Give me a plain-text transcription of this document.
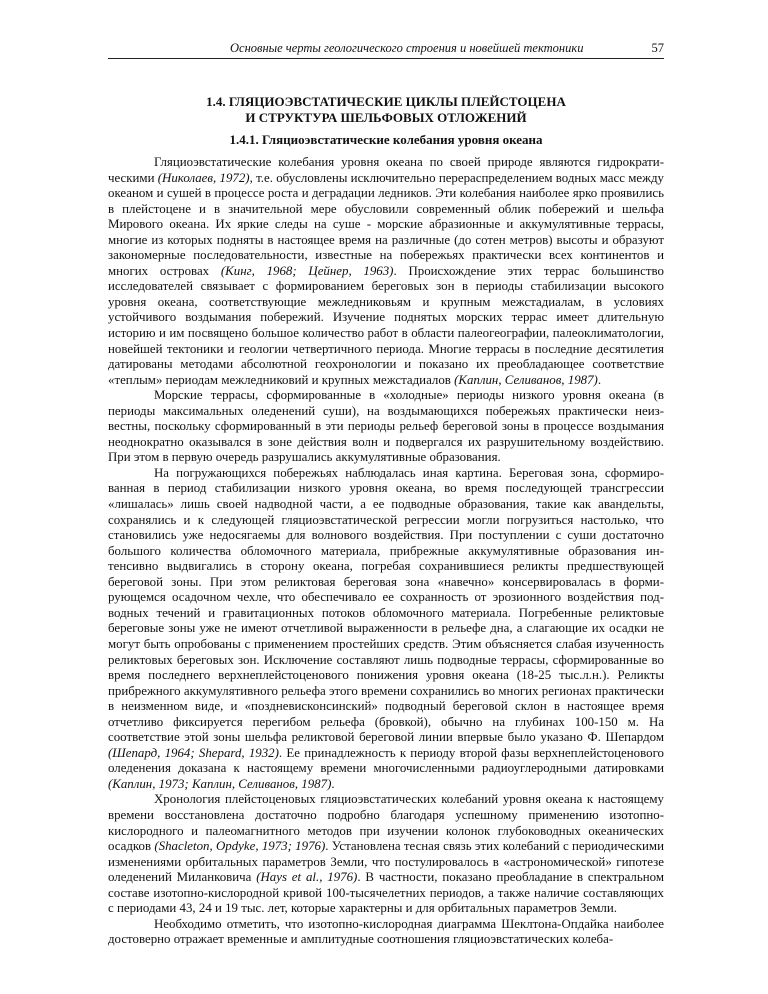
Основные черты геологического строения и новейшей тектоники	57
1.4. ГЛЯЦИОЭВСТАТИЧЕСКИЕ ЦИКЛЫ ПЛЕЙСТОЦЕНА
И СТРУКТУРА ШЕЛЬФОВЫХ ОТЛОЖЕНИЙ
1.4.1. Гляциоэвстатические колебания уровня океана

Гляциоэвстатические колебания уровня океана по своей природе являются гидрократическими (Николаев, 1972), т.е. обусловлены исключительно перераспределением водных масс между океаном и сушей в процессе роста и деградации ледников. Эти колебания наиболее ярко проявились в плейстоцене и в значительной мере обусловили современный облик побережий и шельфа Мирового океана. Их яркие следы на суше - морские абразионные и аккумулятивные террасы, многие из которых подняты в настоящее время на различные (до сотен метров) высоты и образуют закономерные последовательности, известные на побережьях практически всех континентов и многих островах (Кинг, 1968; Цейнер, 1963). Происхождение этих террас большинство исследователей связывает с формированием береговых зон в периоды стабилизации высокого уровня океана, соответствующие межледниковьям и крупным межстадиалам, в условиях устойчивого воздымания побережий. Изучение поднятых морских террас имеет длительную историю и им посвящено большое количество работ в области палеогеографии, палеоклиматологии, новейшей тектоники и геологии четвертичного периода. Многие террасы в последние десятилетия датированы методами абсолютной геохронологии и показано их преобладающее соответствие «теплым» периодам межледниковий и крупных межстадиалов (Каплин, Селиванов, 1987).

Морские террасы, сформированные в «холодные» периоды низкого уровня океана (в периоды максимальных оледенений суши), на воздымающихся побережьях практически неизвестны, поскольку сформированный в эти периоды рельеф береговой зоны в процессе воздымания неоднократно оказывался в зоне действия волн и подвергался их разрушительному воздействию. При этом в первую очередь разрушались аккумулятивные образования.

На погружающихся побережьях наблюдалась иная картина. Береговая зона, сформированная в период стабилизации низкого уровня океана, во время последующей трансгрессии «лишалась» лишь своей надводной части, а ее подводные образования, такие как авандельты, сохранялись и к следующей гляциоэвстатической регрессии могли погрузиться настолько, что становились уже недосягаемы для волнового воздействия. При поступлении с суши достаточно большого количества обломочного материала, прибрежные аккумулятивные образования интенсивно выдвигались в сторону океана, погребая сохранившиеся реликты предшествующей береговой зоны. При этом реликтовая береговая зона «навечно» консервировалась в формирующемся осадочном чехле, что обеспечивало ее сохранность от эрозионного воздействия подводных течений и гравитационных потоков обломочного материала. Погребенные реликтовые береговые зоны уже не имеют отчетливой выраженности в рельефе дна, а слагающие их осадки не могут быть опробованы с применением простейших средств. Этим объясняется слабая изученность реликтовых береговых зон. Исключение составляют лишь подводные террасы, сформированные во время последнего верхнеплейстоценового понижения уровня океана (18-25 тыс.л.н.). Реликты прибрежного аккумулятивного рельефа этого времени сохранились во многих регионах практически в неизменном виде, и «поздневисконсинский» подводный береговой склон в настоящее время отчетливо фиксируется перегибом рельефа (бровкой), обычно на глубинах 100-150 м. На соответствие этой зоны шельфа реликтовой береговой линии впервые было указано Ф. Шепардом (Шепард, 1964; Shepard, 1932). Ее принадлежность к периоду второй фазы верхнеплейстоценового оледенения доказана к настоящему времени многочисленными радиоуглеродными датировками (Каплин, 1973; Каплин, Селиванов, 1987).

Хронология плейстоценовых гляциоэвстатических колебаний уровня океана к настоящему времени восстановлена достаточно подробно благодаря успешному применению изотопно-кислородного и палеомагнитного методов при изучении колонок глубоководных океанических осадков (Shacleton, Opdyke, 1973; 1976). Установлена тесная связь этих колебаний с периодическими изменениями орбитальных параметров Земли, что постулировалось в «астрономической» гипотезе оледенений Миланковича (Hays et al., 1976). В частности, показано преобладание в спектральном составе изотопно-кислородной кривой 100-тысячелетних периодов, а также наличие составляющих с периодами 43, 24 и 19 тыс. лет, которые характерны и для орбитальных параметров Земли.

Необходимо отметить, что изотопно-кислородная диаграмма Шеклтона-Опдайка наиболее достоверно отражает временные и амплитудные соотношения гляциоэвстатических колеба-
